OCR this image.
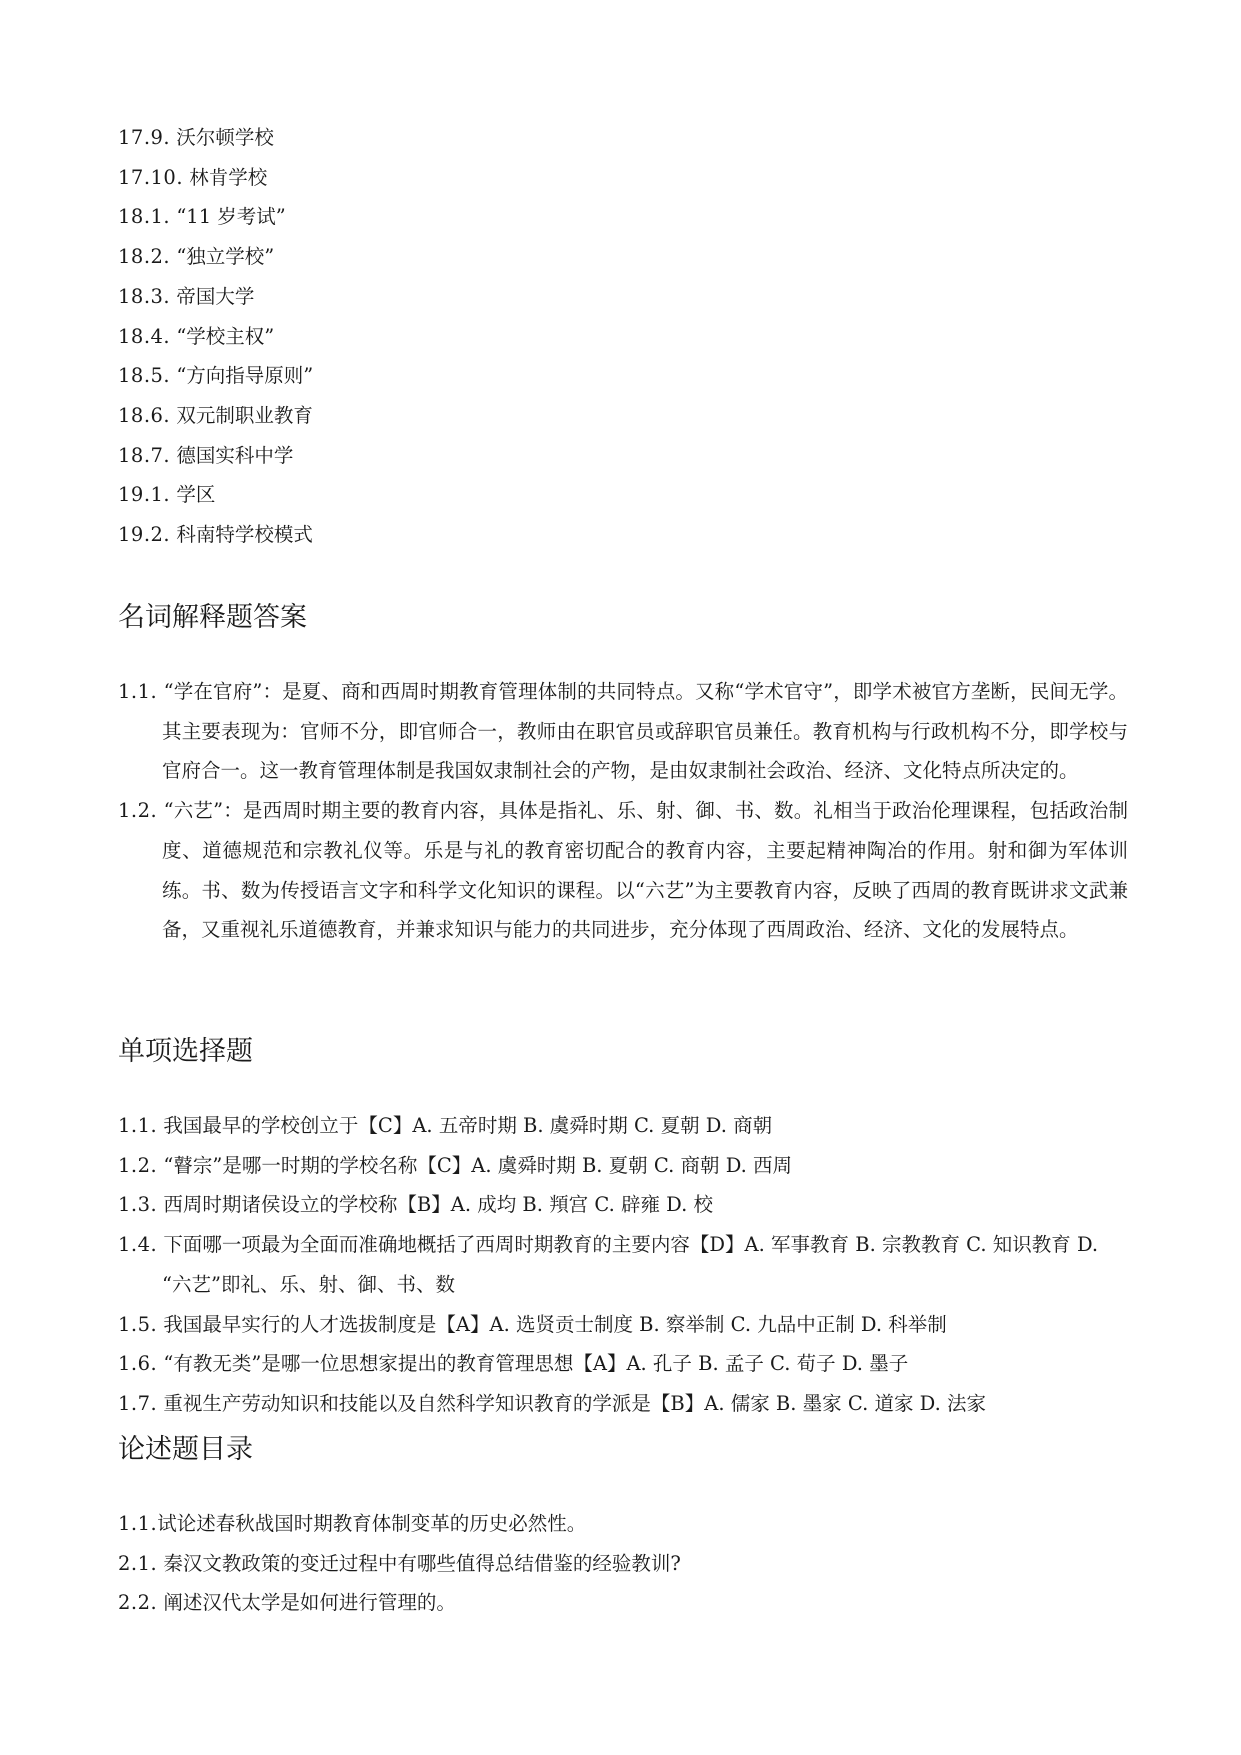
17.9. 沃尔顿学校
17.10. 林肯学校
18.1. “11 岁考试”
18.2. “独立学校”
18.3. 帝国大学
18.4. “学校主权”
18.5. “方向指导原则”
18.6. 双元制职业教育
18.7. 德国实科中学
19.1. 学区
19.2. 科南特学校模式
名词解释题答案
1.1. “学在官府”：是夏、商和西周时期教育管理体制的共同特点。又称“学术官守”，即学术被官方垄断，民间无学。其主要表现为：官师不分，即官师合一，教师由在职官员或辞职官员兼任。教育机构与行政机构不分，即学校与官府合一。这一教育管理体制是我国奴隶制社会的产物，是由奴隶制社会政治、经济、文化特点所决定的。
1.2. “六艺”：是西周时期主要的教育内容，具体是指礼、乐、射、御、书、数。礼相当于政治伦理课程，包括政治制度、道德规范和宗教礼仪等。乐是与礼的教育密切配合的教育内容，主要起精神陶冶的作用。射和御为军体训练。书、数为传授语言文字和科学文化知识的课程。以“六艺”为主要教育内容，反映了西周的教育既讲求文武兼备，又重视礼乐道德教育，并兼求知识与能力的共同进步，充分体现了西周政治、经济、文化的发展特点。
单项选择题
1.1. 我国最早的学校创立于【C】A. 五帝时期 B. 虞舜时期 C. 夏朝 D. 商朝
1.2. “瞽宗”是哪一时期的学校名称【C】A. 虞舜时期 B. 夏朝 C. 商朝 D. 西周
1.3. 西周时期诸侯设立的学校称【B】A. 成均 B. 頖宫 C. 辟雍 D. 校
1.4. 下面哪一项最为全面而准确地概括了西周时期教育的主要内容【D】A. 军事教育 B. 宗教教育 C. 知识教育 D. “六艺”即礼、乐、射、御、书、数
1.5. 我国最早实行的人才选拔制度是【A】A. 选贤贡士制度 B. 察举制 C. 九品中正制 D. 科举制
1.6. “有教无类”是哪一位思想家提出的教育管理思想【A】A. 孔子 B. 孟子 C. 荀子 D. 墨子
1.7. 重视生产劳动知识和技能以及自然科学知识教育的学派是【B】A. 儒家 B. 墨家 C. 道家 D. 法家
论述题目录
1.1.试论述春秋战国时期教育体制变革的历史必然性。
2.1. 秦汉文教政策的变迁过程中有哪些值得总结借鉴的经验教训?
2.2. 阐述汉代太学是如何进行管理的。
